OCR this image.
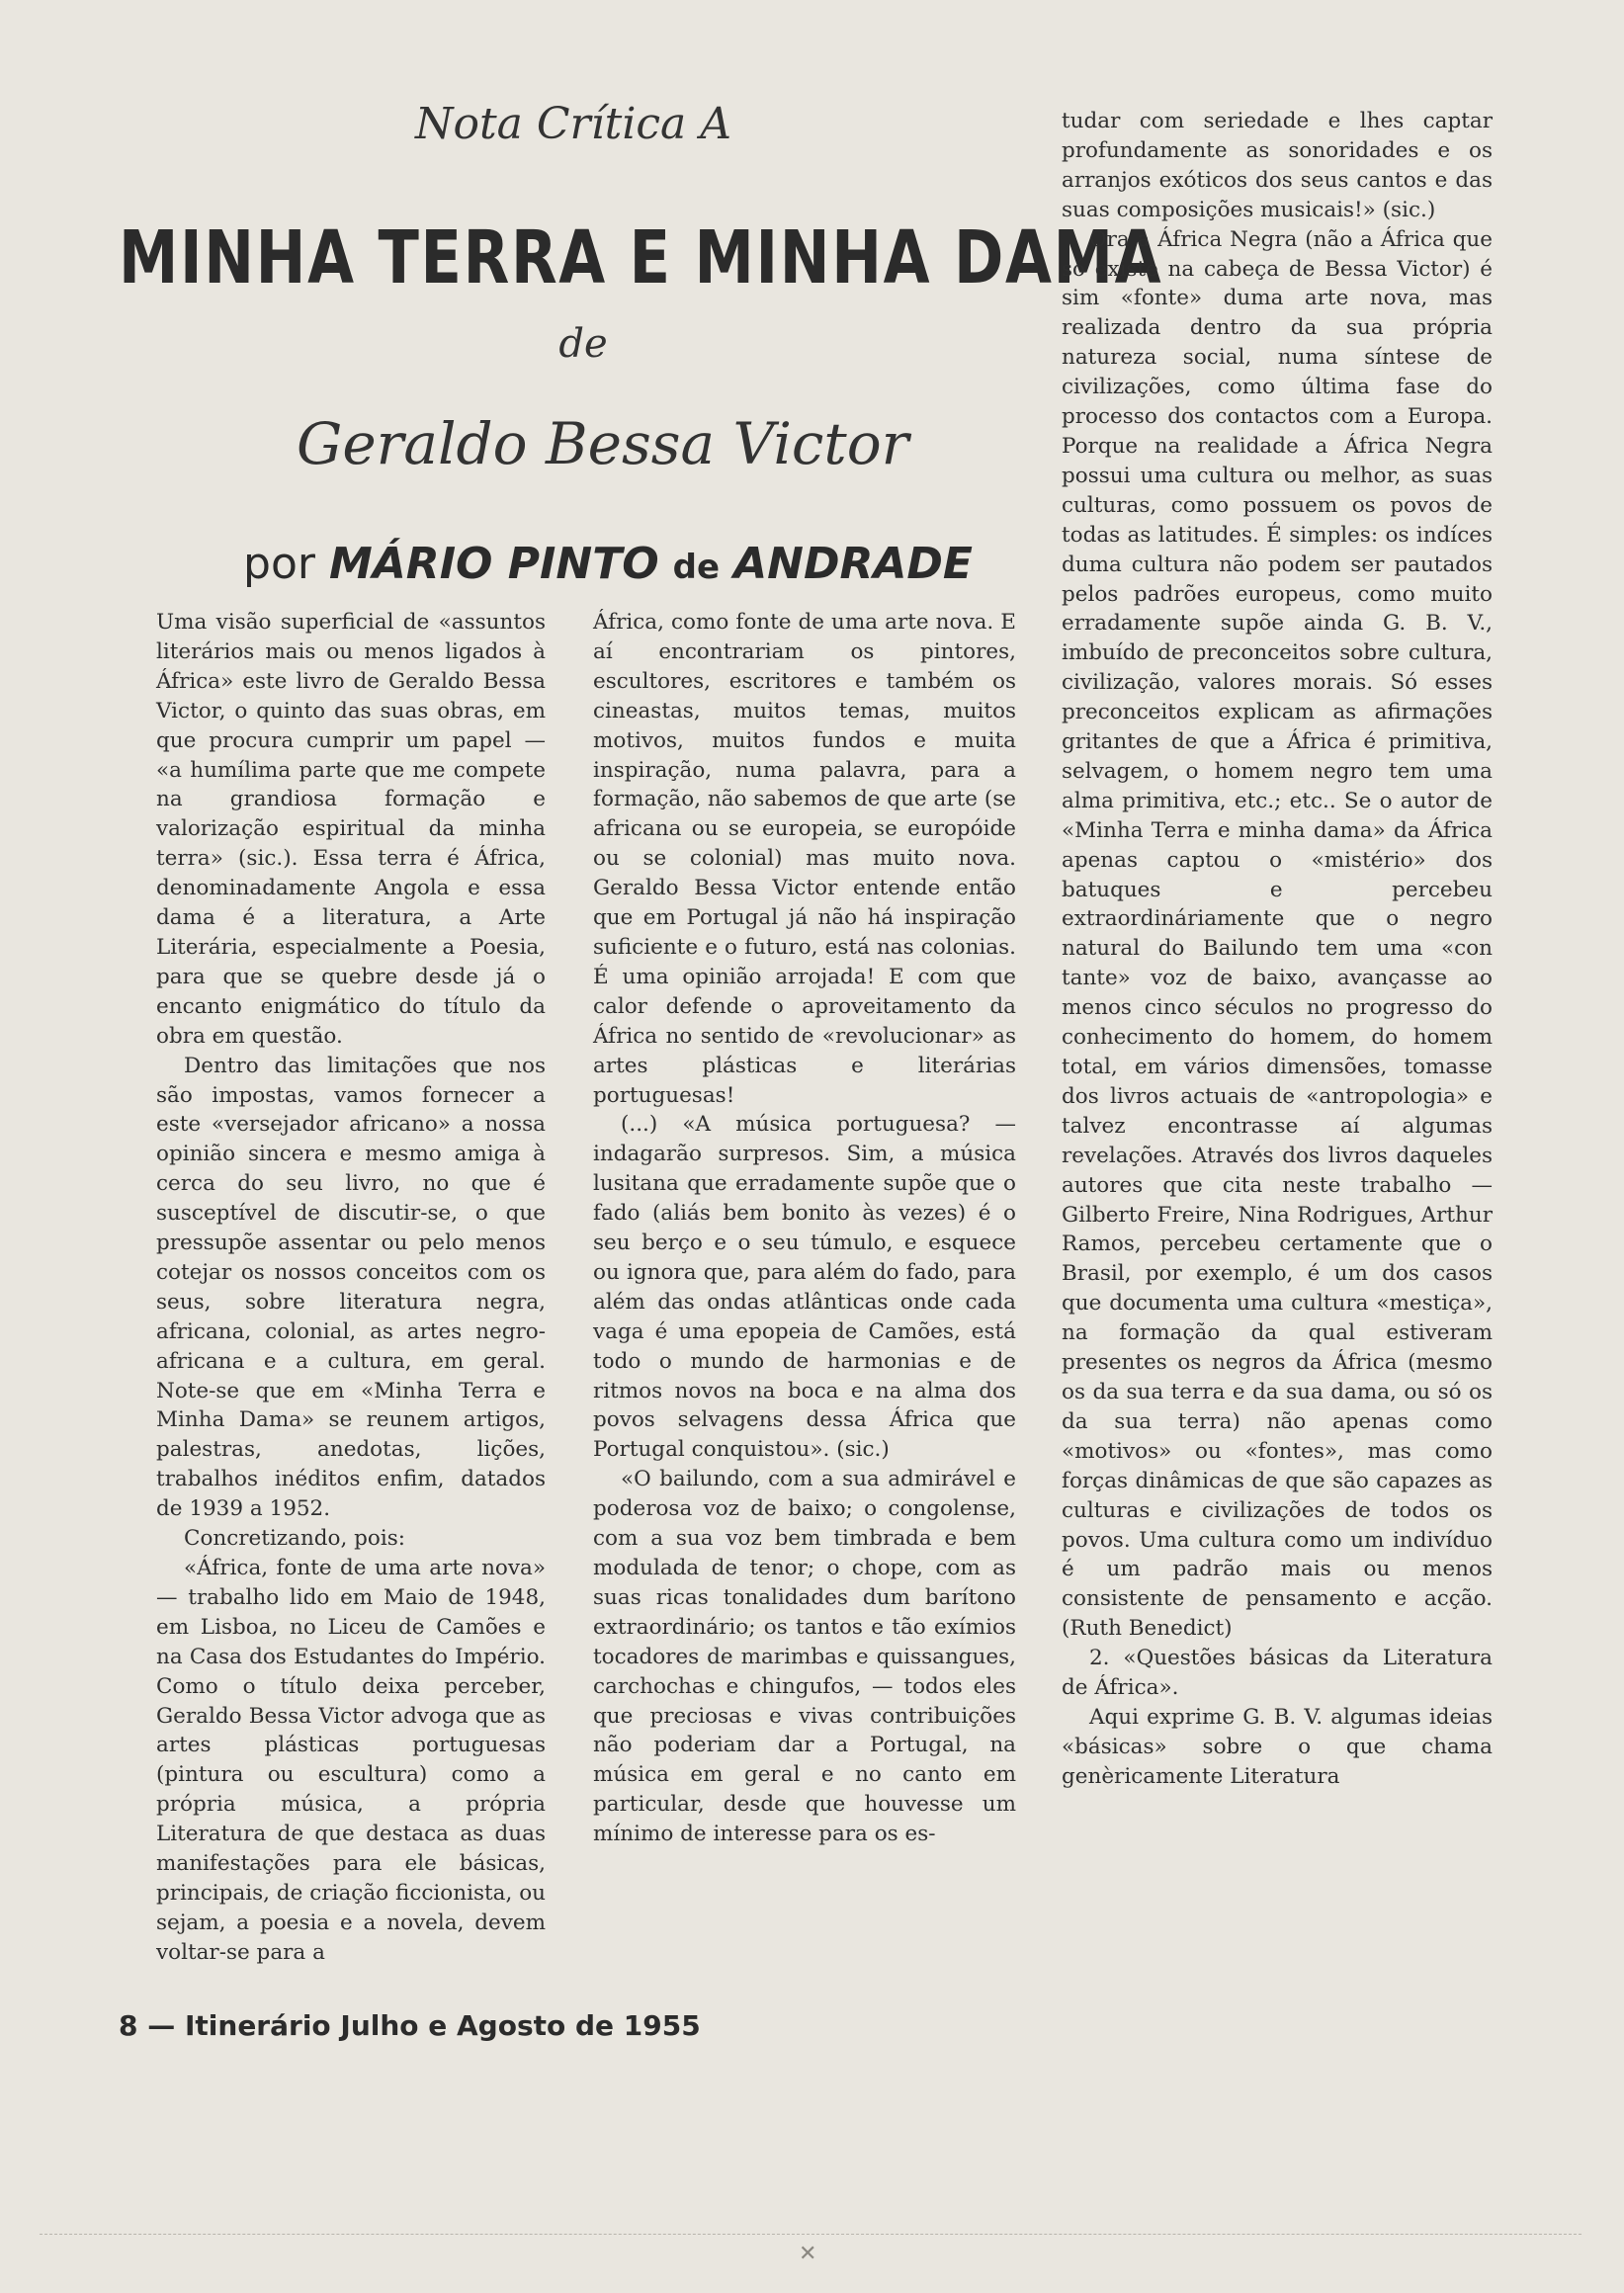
Nota Crítica A
MINHA TERRA E MINHA DAMA
de
Geraldo Bessa Victor
por MÁRIO PINTO de ANDRADE

Uma visão superficial de «assuntos literários mais ou menos ligados à África» este livro de Geraldo Bessa Victor, o quinto das suas obras, em que procura cumprir um papel — «a humílima parte que me compete na grandiosa formação e valorização espiritual da minha terra» (sic.). Essa terra é África, denominadamente Angola e essa dama é a literatura, a Arte Literária, especialmente a Poesia, para que se quebre desde já o encanto enigmático do título da obra em questão.

Dentro das limitações que nos são impostas, vamos fornecer a este «versejador africano» a nossa opinião sincera e mesmo amiga à cerca do seu livro, no que é susceptível de discutir-se, o que pressupõe assentar ou pelo menos cotejar os nossos conceitos com os seus, sobre literatura negra, africana, colonial, as artes negro-africana e a cultura, em geral. Note-se que em «Minha Terra e Minha Dama» se reunem artigos, palestras, anedotas, lições, trabalhos inéditos enfim, datados de 1939 a 1952.

Concretizando, pois:

«África, fonte de uma arte nova» — trabalho lido em Maio de 1948, em Lisboa, no Liceu de Camões e na Casa dos Estudantes do Império. Como o título deixa perceber, Geraldo Bessa Victor advoga que as artes plásticas portuguesas (pintura ou escultura) como a própria música, a própria Literatura de que destaca as duas manifestações para ele básicas, principais, de criação ficcionista, ou sejam, a poesia e a novela, devem voltar-se para a

África, como fonte de uma arte nova. E aí encontrariam os pintores, escultores, escritores e também os cineastas, muitos temas, muitos motivos, muitos fundos e muita inspiração, numa palavra, para a formação, não sabemos de que arte (se africana ou se europeia, se europóide ou se colonial) mas muito nova. Geraldo Bessa Victor entende então que em Portugal já não há inspiração suficiente e o futuro, está nas colonias. É uma opinião arrojada! E com que calor defende o aproveitamento da África no sentido de «revolucionar» as artes plásticas e literárias portuguesas!

(...) «A música portuguesa? — indagarão surpresos. Sim, a música lusitana que erradamente supõe que o fado (aliás bem bonito às vezes) é o seu berço e o seu túmulo, e esquece ou ignora que, para além do fado, para além das ondas atlânticas onde cada vaga é uma epopeia de Camões, está todo o mundo de harmonias e de ritmos novos na boca e na alma dos povos selvagens dessa África que Portugal conquistou». (sic.)

«O bailundo, com a sua admirável e poderosa voz de baixo; o congolense, com a sua voz bem timbrada e bem modulada de tenor; o chope, com as suas ricas tonalidades dum barítono extraordinário; os tantos e tão exímios tocadores de marimbas e quissangues, carchochas e chingufos, — todos eles que preciosas e vivas contribuições não poderiam dar a Portugal, na música em geral e no canto em particular, desde que houvesse um mínimo de interesse para os es-

tudar com seriedade e lhes captar profundamente as sonoridades e os arranjos exóticos dos seus cantos e das suas composições musicais!» (sic.)

Ora a África Negra (não a África que só existe na cabeça de Bessa Victor) é sim «fonte» duma arte nova, mas realizada dentro da sua própria natureza social, numa síntese de civilizações, como última fase do processo dos contactos com a Europa. Porque na realidade a África Negra possui uma cultura ou melhor, as suas culturas, como possuem os povos de todas as latitudes. É simples: os indíces duma cultura não podem ser pautados pelos padrões europeus, como muito erradamente supõe ainda G. B. V., imbuído de preconceitos sobre cultura, civilização, valores morais. Só esses preconceitos explicam as afirmações gritantes de que a África é primitiva, selvagem, o homem negro tem uma alma primitiva, etc.; etc.. Se o autor de «Minha Terra e minha dama» da África apenas captou o «mistério» dos batuques e percebeu extraordináriamente que o negro natural do Bailundo tem uma «con tante» voz de baixo, avançasse ao menos cinco séculos no progresso do conhecimento do homem, do homem total, em vários dimensões, tomasse dos livros actuais de «antropologia» e talvez encontrasse aí algumas revelações. Através dos livros daqueles autores que cita neste trabalho — Gilberto Freire, Nina Rodrigues, Arthur Ramos, percebeu certamente que o Brasil, por exemplo, é um dos casos que documenta uma cultura «mestiça», na formação da qual estiveram presentes os negros da África (mesmo os da sua terra e da sua dama, ou só os da sua terra) não apenas como «motivos» ou «fontes», mas como forças dinâmicas de que são capazes as culturas e civilizações de todos os povos. Uma cultura como um indivíduo é um padrão mais ou menos consistente de pensamento e acção. (Ruth Benedict)

2. «Questões básicas da Literatura de África».

Aqui exprime G. B. V. algumas ideias «básicas» sobre o que chama genèricamente Literatura

8 — Itinerário Julho e Agosto de 1955
✕
